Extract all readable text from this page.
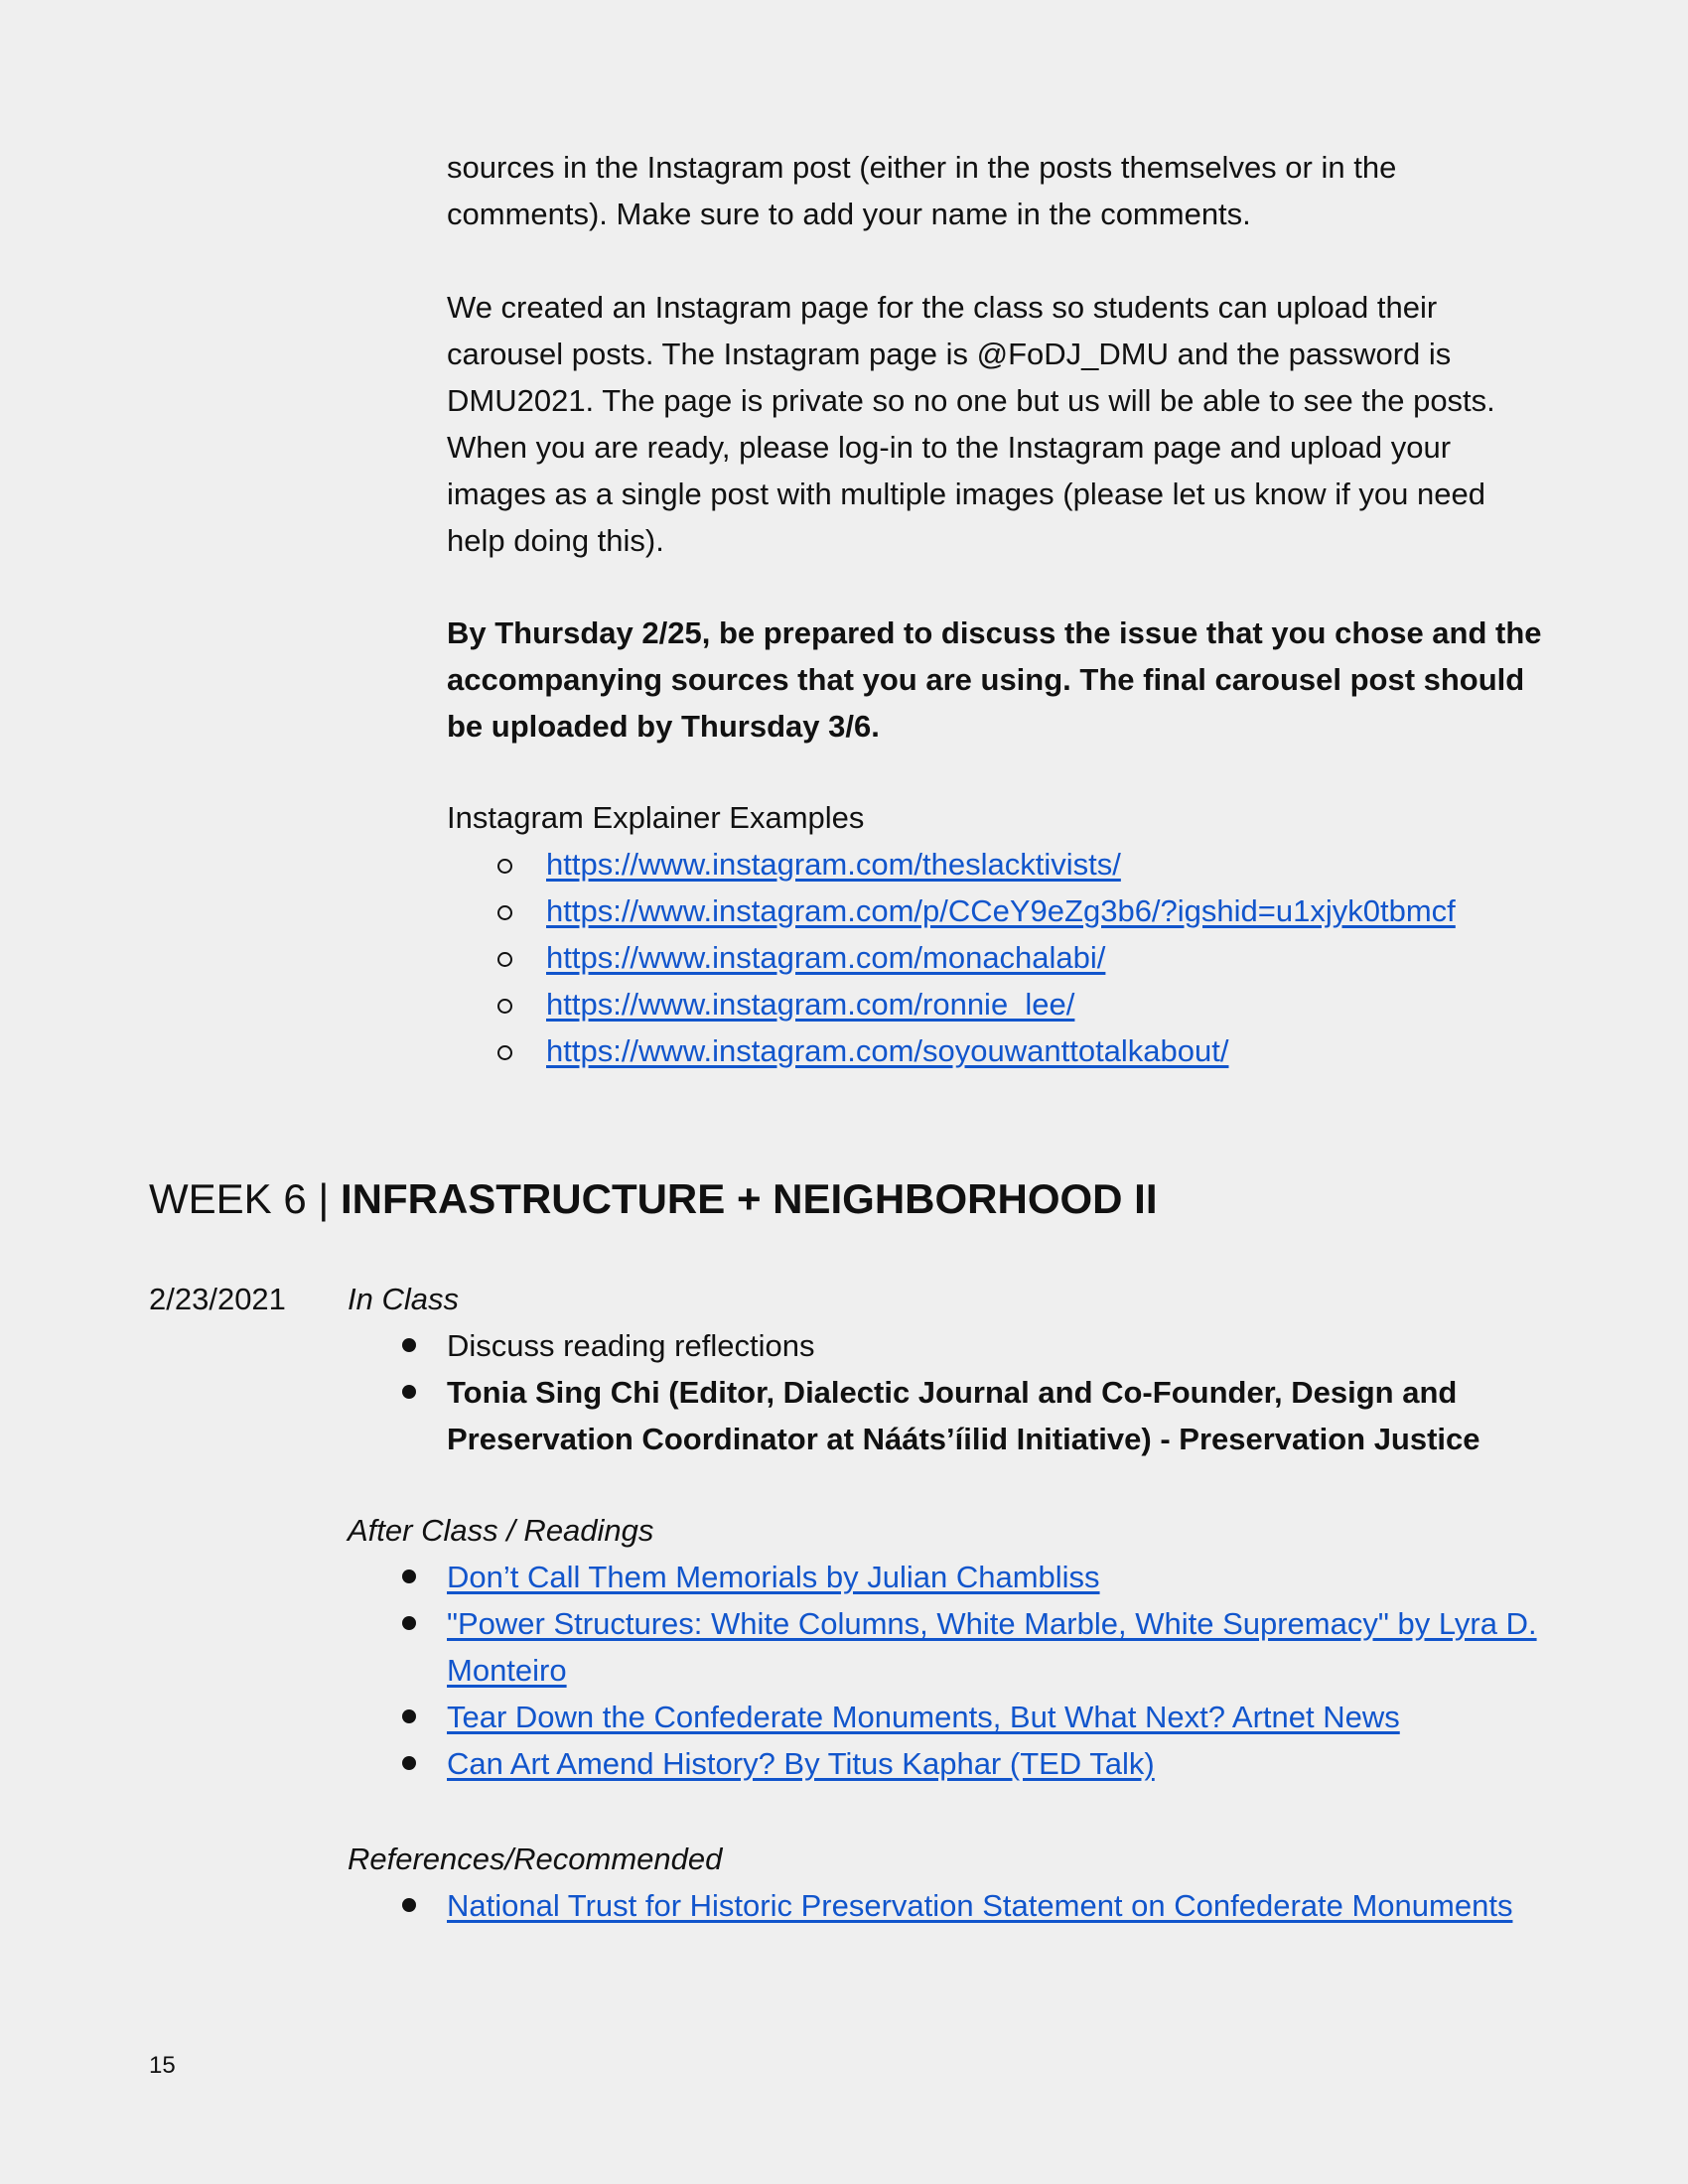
sources in the Instagram post (either in the posts themselves or in the comments). Make sure to add your name in the comments.

We created an Instagram page for the class so students can upload their carousel posts. The Instagram page is @FoDJ_DMU and the password is DMU2021. The page is private so no one but us will be able to see the posts. When you are ready, please log-in to the Instagram page and upload your images as a single post with multiple images (please let us know if you need help doing this).

By Thursday 2/25, be prepared to discuss the issue that you chose and the accompanying sources that you are using. The final carousel post should be uploaded by Thursday 3/6.

Instagram Explainer Examples

https://www.instagram.com/theslacktivists/
https://www.instagram.com/p/CCeY9eZg3b6/?igshid=u1xjyk0tbmcf
https://www.instagram.com/monachalabi/
https://www.instagram.com/ronnie_lee/
https://www.instagram.com/soyouwanttotalkabout/
WEEK 6 | INFRASTRUCTURE + NEIGHBORHOOD II
2/23/2021 In Class

Discuss reading reflections
Tonia Sing Chi (Editor, Dialectic Journal and Co-Founder, Design and Preservation Coordinator at Náátsʼíilid Initiative) - Preservation Justice

After Class / Readings

Don’t Call Them Memorials by Julian Chambliss
"Power Structures: White Columns, White Marble, White Supremacy" by Lyra D. Monteiro
Tear Down the Confederate Monuments, But What Next? Artnet News
Can Art Amend History? By Titus Kaphar (TED Talk)

References/Recommended

National Trust for Historic Preservation Statement on Confederate Monuments
15
